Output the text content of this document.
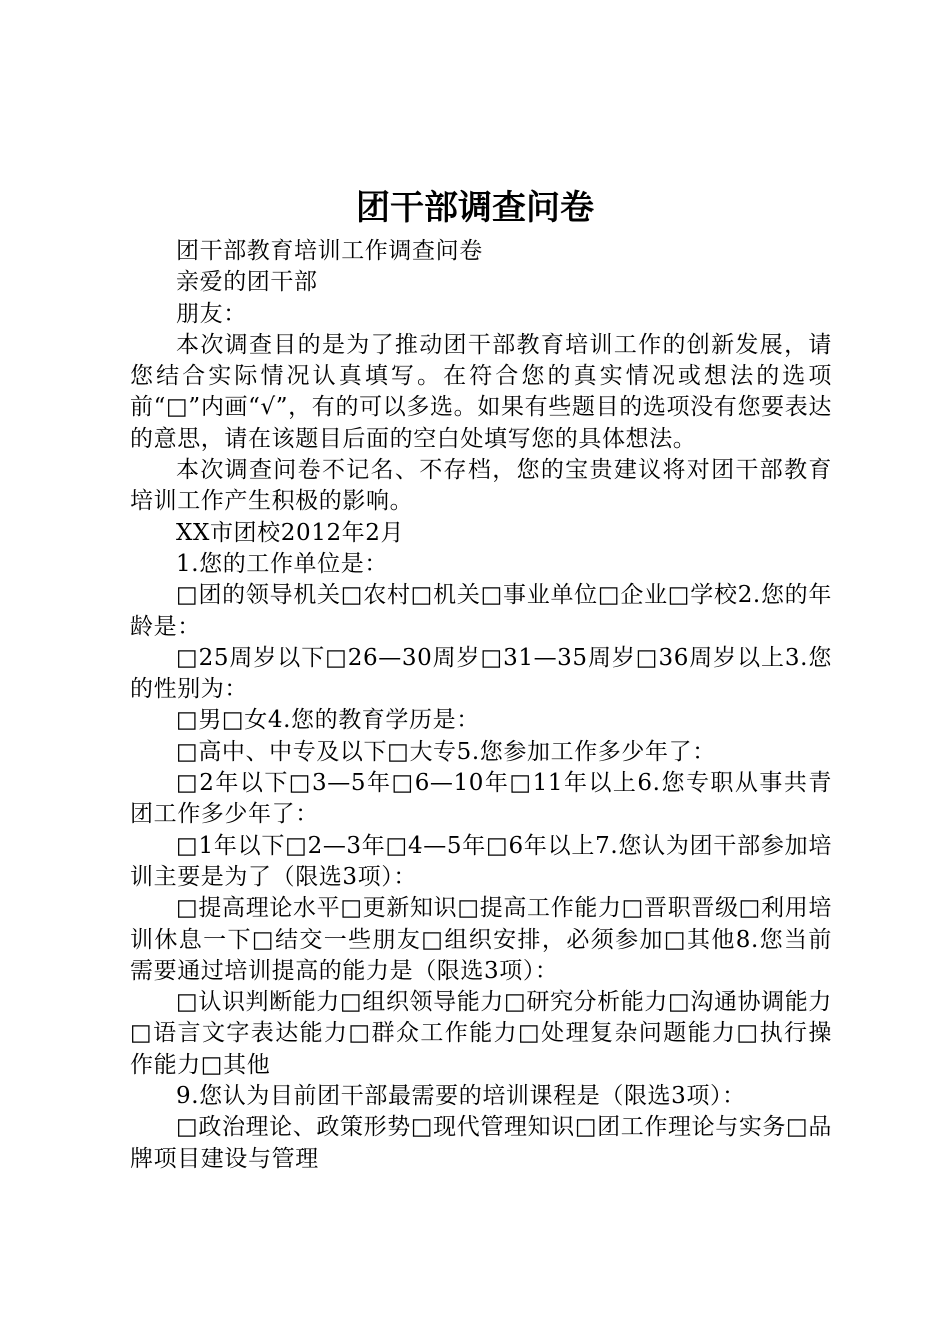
团干部调查问卷

团干部教育培训工作调查问卷

亲爱的团干部

朋友：

本次调查目的是为了推动团干部教育培训工作的创新发展，请您结合实际情况认真填写。在符合您的真实情况或想法的选项前“□”内画“√”，有的可以多选。如果有些题目的选项没有您要表达的意思，请在该题目后面的空白处填写您的具体想法。

本次调查问卷不记名、不存档，您的宝贵建议将对团干部教育培训工作产生积极的影响。

XX市团校2012年2月

1.您的工作单位是：

□团的领导机关□农村□机关□事业单位□企业□学校2.您的年龄是：

□25周岁以下□26—30周岁□31—35周岁□36周岁以上3.您的性别为：

□男□女4.您的教育学历是：

□高中、中专及以下□大专5.您参加工作多少年了：

□2年以下□3—5年□6—10年□11年以上6.您专职从事共青团工作多少年了：

□1年以下□2—3年□4—5年□6年以上7.您认为团干部参加培训主要是为了（限选3项）：

□提高理论水平□更新知识□提高工作能力□晋职晋级□利用培训休息一下□结交一些朋友□组织安排，必须参加□其他8.您当前需要通过培训提高的能力是（限选3项）：

□认识判断能力□组织领导能力□研究分析能力□沟通协调能力□语言文字表达能力□群众工作能力□处理复杂问题能力□执行操作能力□其他

9.您认为目前团干部最需要的培训课程是（限选3项）：

□政治理论、政策形势□现代管理知识□团工作理论与实务□品牌项目建设与管理
